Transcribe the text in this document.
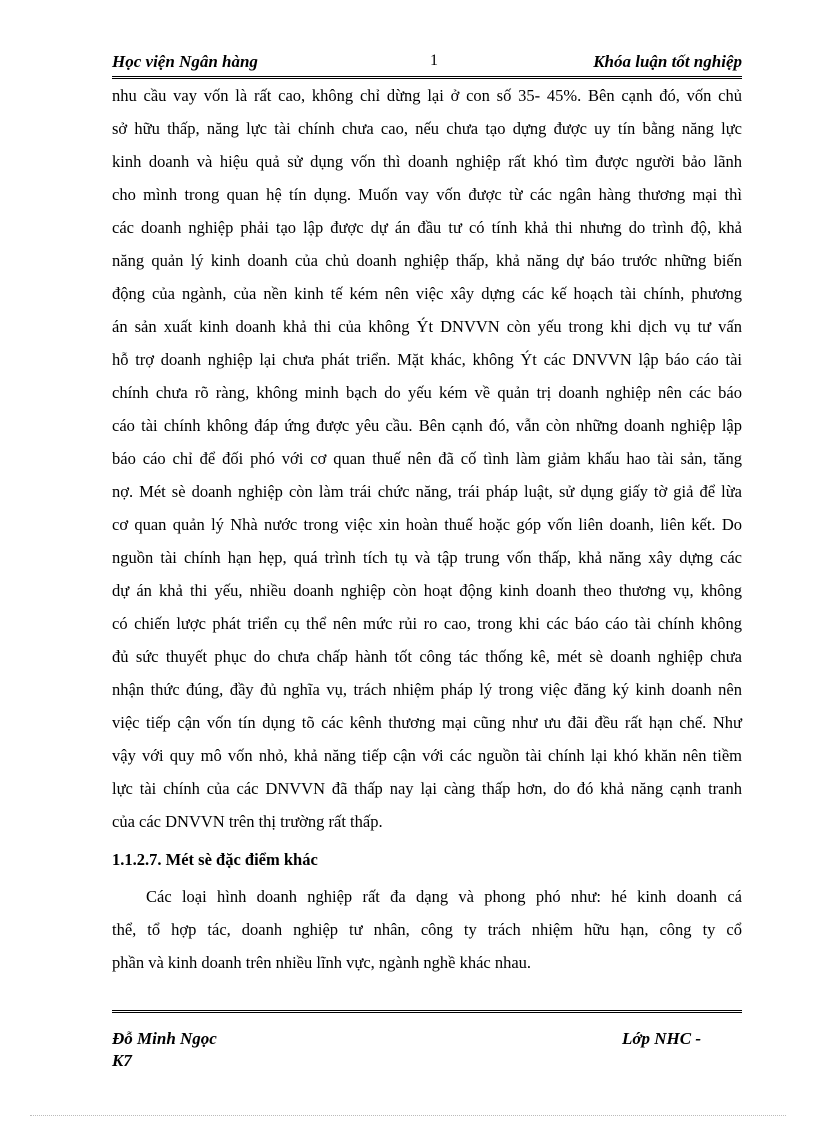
Học viện Ngân hàng	1	Khóa luận tốt nghiệp
nhu cầu vay vốn là rất cao, không chỉ dừng lại ở con số 35- 45%. Bên cạnh đó, vốn chủ
sở hữu thấp, năng lực tài chính chưa cao, nếu chưa tạo dựng được uy tín bằng năng lực
kinh doanh và hiệu quả sử dụng vốn thì doanh nghiệp rất khó tìm được người bảo lãnh
cho mình trong quan hệ tín dụng. Muốn vay vốn được từ các ngân hàng thương mại thì
các doanh nghiệp phải tạo lập được dự án đầu tư có tính khả thi nhưng do trình độ, khả
năng quản lý kinh doanh của chủ doanh nghiệp thấp, khả năng dự báo trước những biến
động của ngành, của nền kinh tế kém nên việc xây dựng các kế hoạch tài chính, phương
án sản xuất kinh doanh khả thi của không Ýt DNVVN còn yếu trong khi dịch vụ tư vấn
hỗ trợ doanh nghiệp lại chưa phát triển. Mặt khác, không Ýt các DNVVN lập báo cáo tài
chính chưa rõ ràng, không minh bạch do yếu kém về quản trị doanh nghiệp nên các báo
cáo tài chính không đáp ứng được yêu cầu. Bên cạnh đó, vẫn còn những doanh nghiệp lập
báo cáo chỉ để đối phó với cơ quan thuế nên đã cố tình làm giảm khấu hao tài sản, tăng
nợ. Mét sè doanh nghiệp còn làm trái chức năng, trái pháp luật, sử dụng giấy tờ giả để lừa
cơ quan quản lý Nhà nước trong việc xin hoàn thuế hoặc góp vốn liên doanh, liên kết. Do
nguồn tài chính hạn hẹp, quá trình tích tụ và tập trung vốn thấp, khả năng xây dựng các
dự án khả thi yếu, nhiều doanh nghiệp còn hoạt động kinh doanh theo thương vụ, không
có chiến lược phát triển cụ thể nên mức rủi ro cao, trong khi các báo cáo tài chính không
đủ sức thuyết phục do chưa chấp hành tốt công tác thống kê, mét sè doanh nghiệp chưa
nhận thức đúng, đầy đủ nghĩa vụ, trách nhiệm pháp lý trong việc đăng ký kinh doanh nên
việc tiếp cận vốn tín dụng tõ các kênh thương mại cũng như ưu đãi đều rất hạn chế. Như
vậy với quy mô vốn nhỏ, khả năng tiếp cận với các nguồn tài chính lại khó khăn nên tiềm
lực tài chính của các DNVVN đã thấp nay lại càng thấp hơn, do đó khả năng cạnh tranh
của các DNVVN trên thị trường rất thấp.
1.1.2.7. Mét sè đặc điểm khác
Các loại hình doanh nghiệp rất đa dạng và phong phó như: hé kinh doanh cá
thể, tổ hợp tác, doanh nghiệp tư nhân, công ty trách nhiệm hữu hạn, công ty cổ
phần và kinh doanh trên nhiều lĩnh vực, ngành nghề khác nhau.
Đỗ Minh Ngọc	Lớp NHC -
K7
